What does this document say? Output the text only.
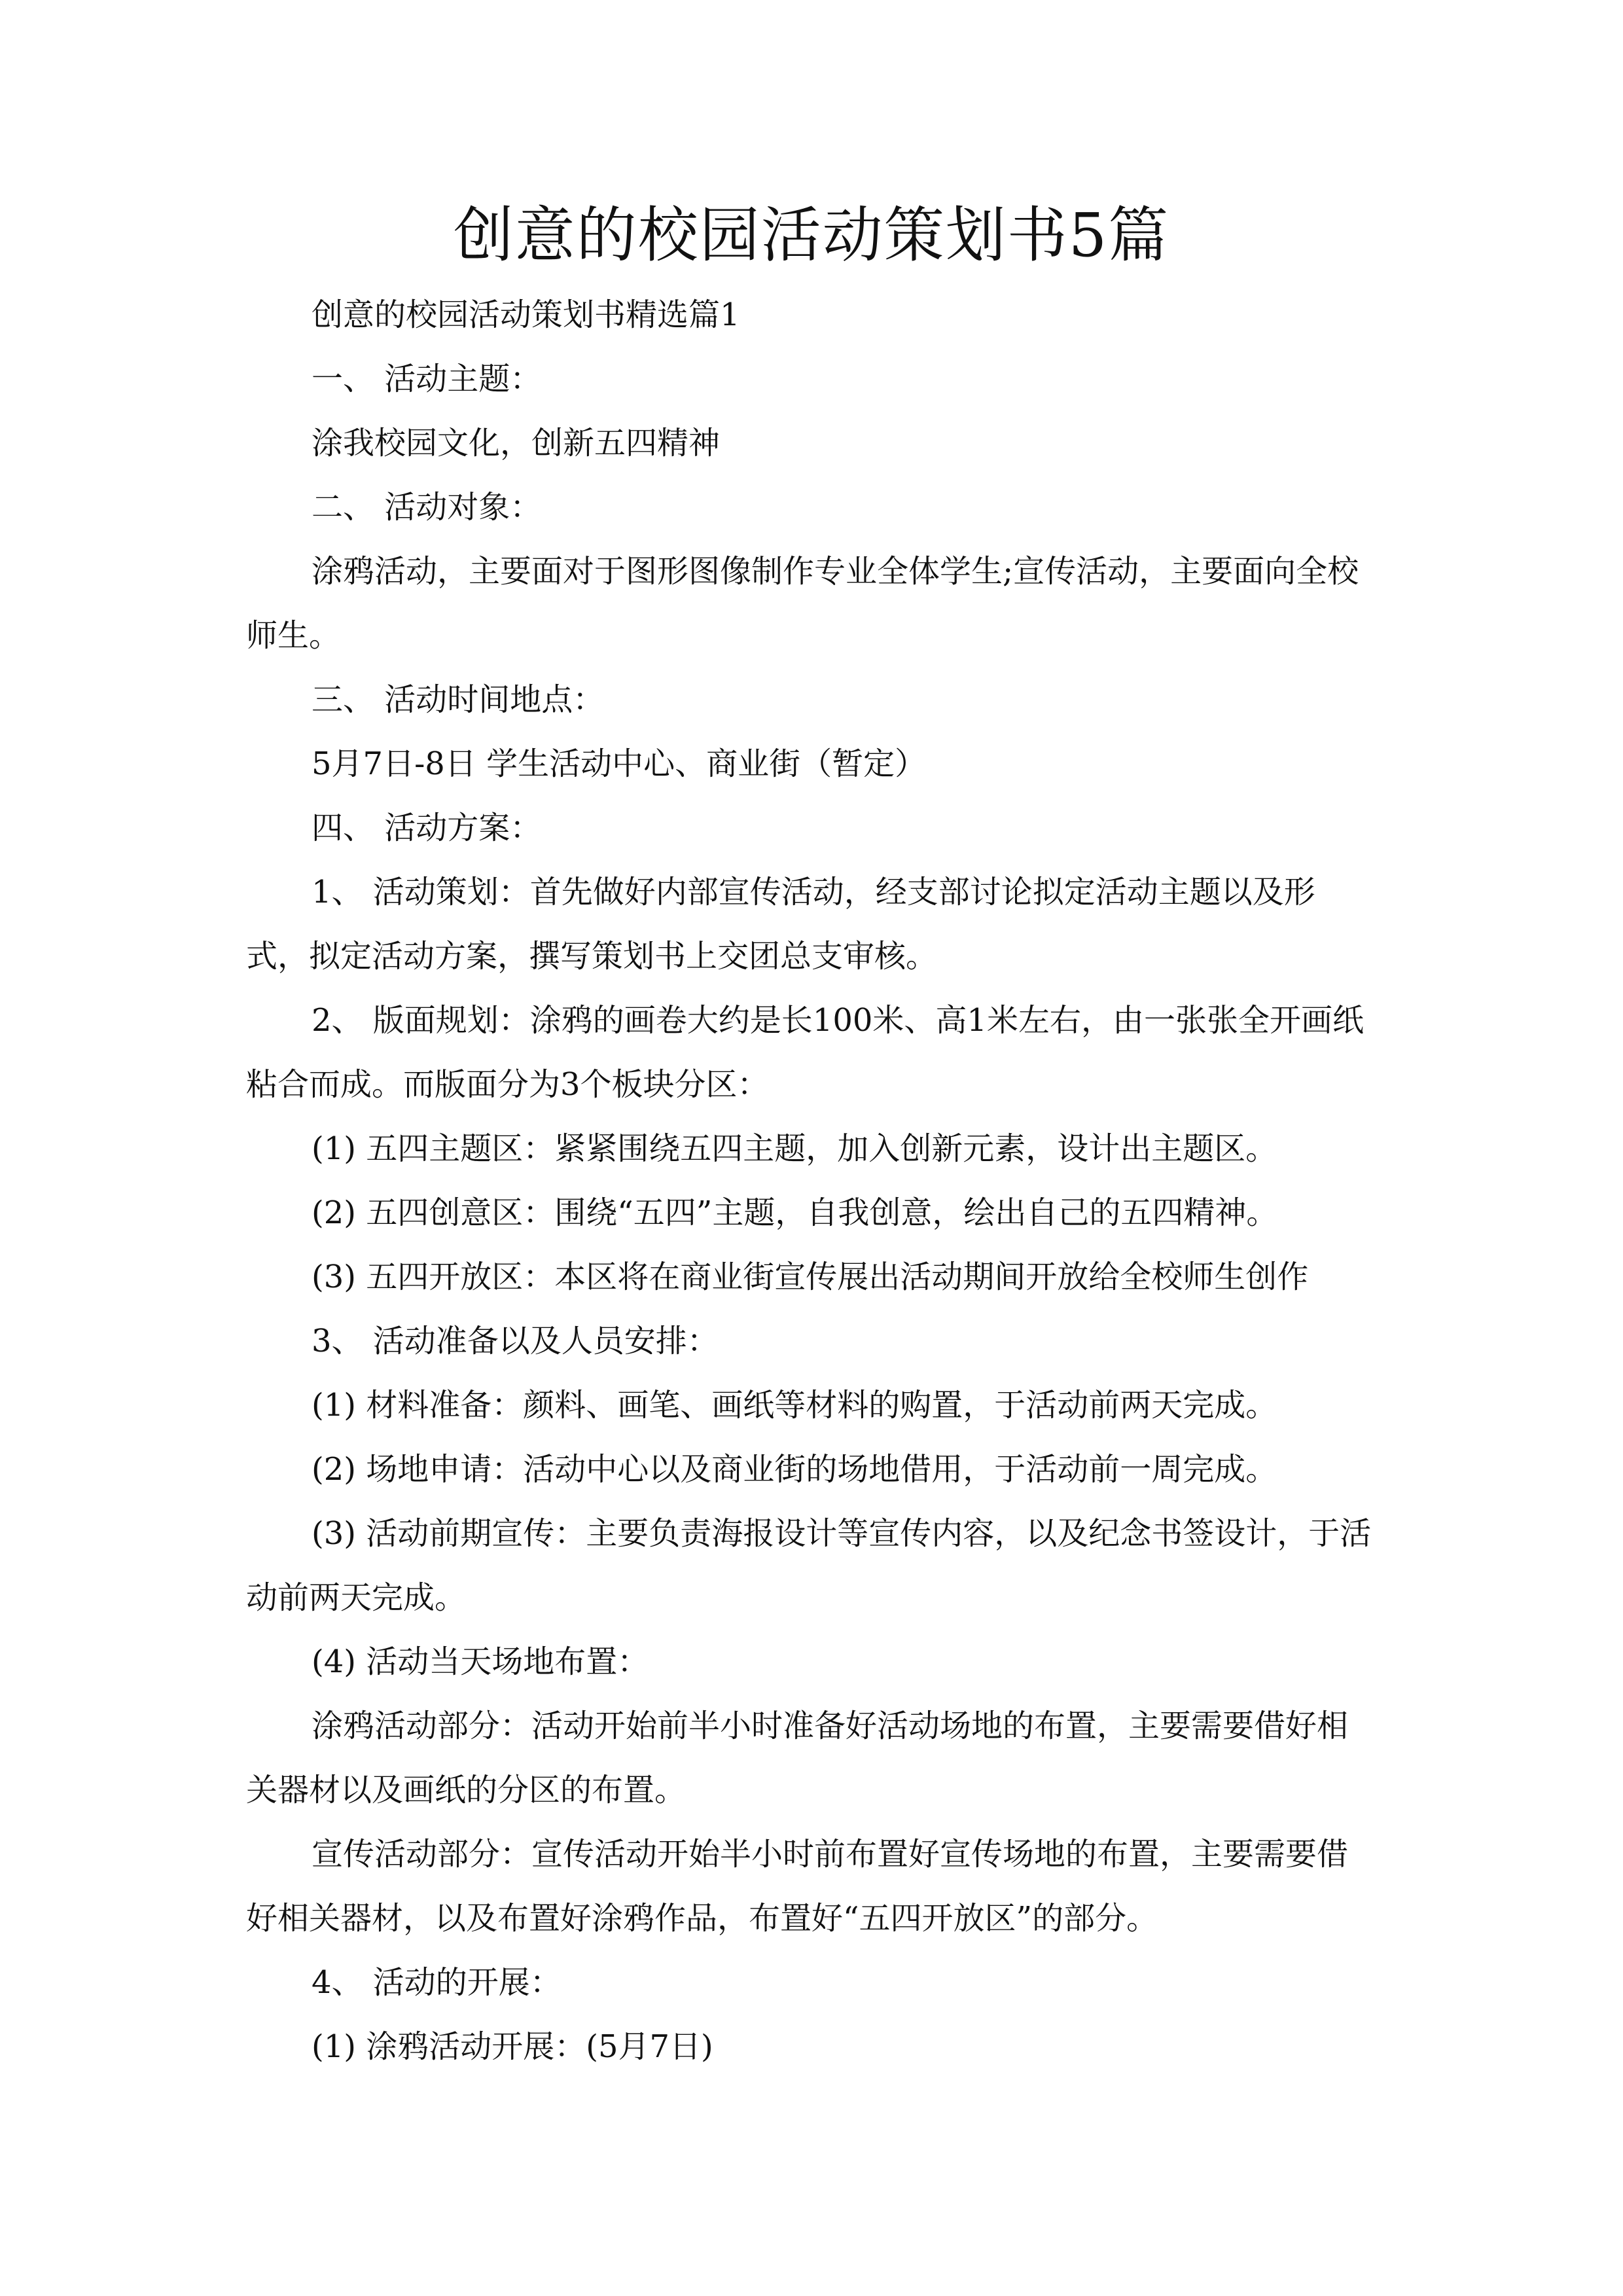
创意的校园活动策划书5篇

创意的校园活动策划书精选篇1

一、 活动主题：

涂我校园文化，创新五四精神

二、 活动对象：

涂鸦活动，主要面对于图形图像制作专业全体学生;宣传活动，主要面向全校师生。

三、 活动时间地点：

5月7日-8日 学生活动中心、商业街（暂定）

四、 活动方案：

1、 活动策划：首先做好内部宣传活动，经支部讨论拟定活动主题以及形式，拟定活动方案，撰写策划书上交团总支审核。

2、 版面规划：涂鸦的画卷大约是长100米、高1米左右，由一张张全开画纸粘合而成。而版面分为3个板块分区：

(1) 五四主题区：紧紧围绕五四主题，加入创新元素，设计出主题区。

(2) 五四创意区：围绕“五四”主题，自我创意，绘出自己的五四精神。

(3) 五四开放区：本区将在商业街宣传展出活动期间开放给全校师生创作

3、 活动准备以及人员安排：

(1) 材料准备：颜料、画笔、画纸等材料的购置，于活动前两天完成。

(2) 场地申请：活动中心以及商业街的场地借用，于活动前一周完成。

(3) 活动前期宣传：主要负责海报设计等宣传内容，以及纪念书签设计，于活动前两天完成。

(4) 活动当天场地布置：

涂鸦活动部分：活动开始前半小时准备好活动场地的布置，主要需要借好相关器材以及画纸的分区的布置。

宣传活动部分：宣传活动开始半小时前布置好宣传场地的布置，主要需要借好相关器材，以及布置好涂鸦作品，布置好“五四开放区”的部分。

4、 活动的开展：

(1) 涂鸦活动开展：(5月7日)
